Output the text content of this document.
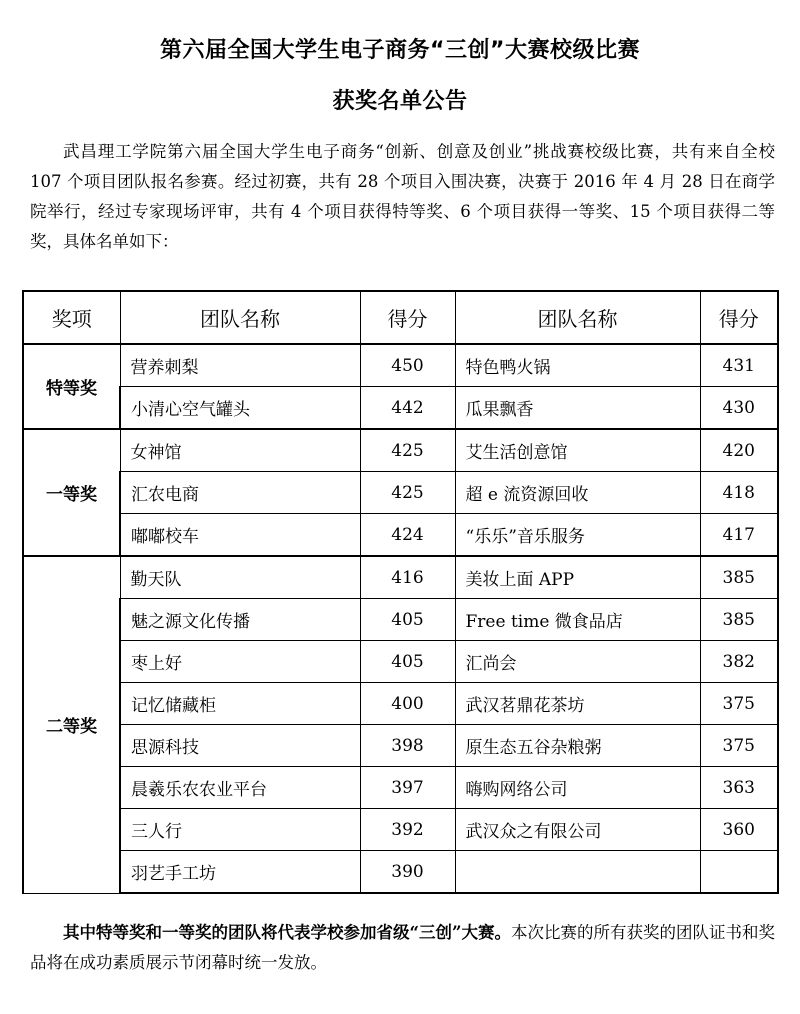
第六届全国大学生电子商务“三创”大赛校级比赛
获奖名单公告
武昌理工学院第六届全国大学生电子商务“创新、创意及创业”挑战赛校级比赛，共有来自全校 107 个项目团队报名参赛。经过初赛，共有 28 个项目入围决赛，决赛于 2016 年 4 月 28 日在商学院举行，经过专家现场评审，共有 4 个项目获得特等奖、6 个项目获得一等奖、15 个项目获得二等奖，具体名单如下：
奖项	团队名称	得分	团队名称	得分
特等奖	营养刺梨	450	特色鸭火锅	431
	小清心空气罐头	442	瓜果飘香	430
一等奖	女神馆	425	艾生活创意馆	420
	汇农电商	425	超 e 流资源回收	418
	嘟嘟校车	424	“乐乐”音乐服务	417
二等奖	勤天队	416	美妆上面 APP	385
	魅之源文化传播	405	Free time 微食品店	385
	枣上好	405	汇尚会	382
	记忆储藏柜	400	武汉茗鼎花茶坊	375
	思源科技	398	原生态五谷杂粮粥	375
	晨羲乐农农业平台	397	嗨购网络公司	363
	三人行	392	武汉众之有限公司	360
	羽艺手工坊	390		
其中特等奖和一等奖的团队将代表学校参加省级“三创”大赛。本次比赛的所有获奖的团队证书和奖品将在成功素质展示节闭幕时统一发放。
